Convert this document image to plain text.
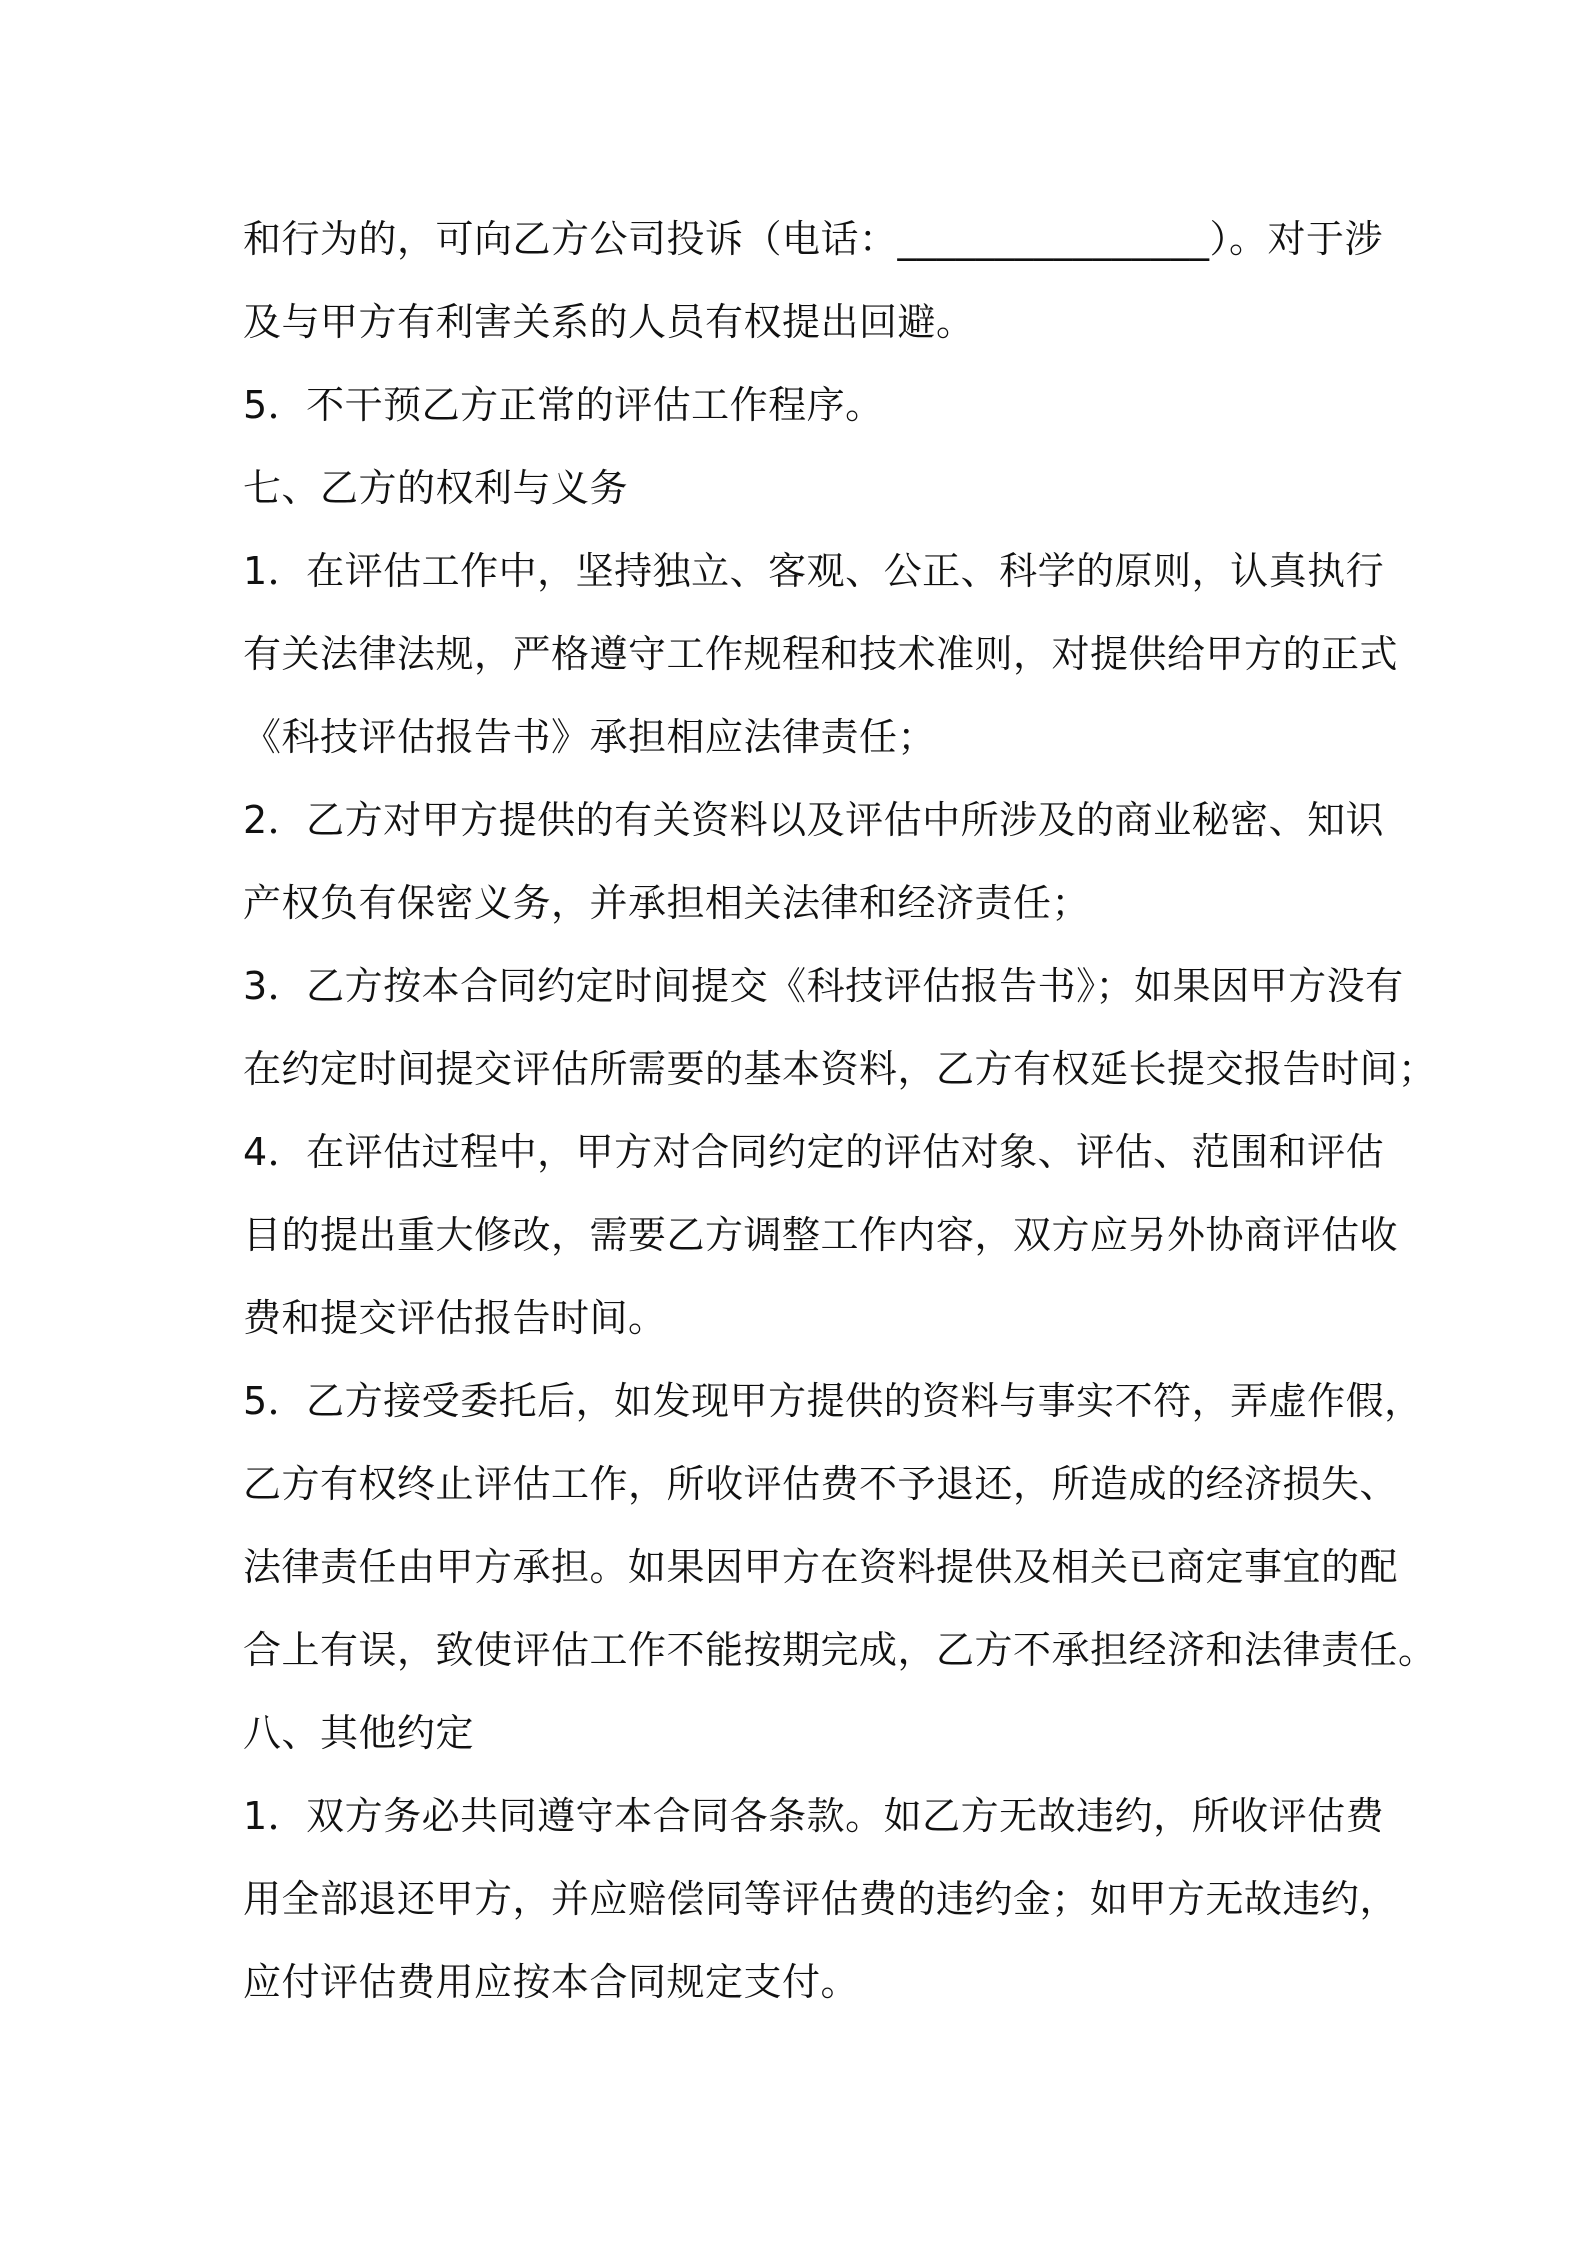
和行为的，可向乙方公司投诉（电话：________________）。对于涉
及与甲方有利害关系的人员有权提出回避。
5．不干预乙方正常的评估工作程序。
七、乙方的权利与义务
1．在评估工作中，坚持独立、客观、公正、科学的原则，认真执行
有关法律法规，严格遵守工作规程和技术准则，对提供给甲方的正式
《科技评估报告书》承担相应法律责任；
2．乙方对甲方提供的有关资料以及评估中所涉及的商业秘密、知识
产权负有保密义务，并承担相关法律和经济责任；
3．乙方按本合同约定时间提交《科技评估报告书》；如果因甲方没有
在约定时间提交评估所需要的基本资料，乙方有权延长提交报告时间；
4．在评估过程中，甲方对合同约定的评估对象、评估、范围和评估
目的提出重大修改，需要乙方调整工作内容，双方应另外协商评估收
费和提交评估报告时间。
5．乙方接受委托后，如发现甲方提供的资料与事实不符，弄虚作假，
乙方有权终止评估工作，所收评估费不予退还，所造成的经济损失、
法律责任由甲方承担。如果因甲方在资料提供及相关已商定事宜的配
合上有误，致使评估工作不能按期完成，乙方不承担经济和法律责任。
八、其他约定
1．双方务必共同遵守本合同各条款。如乙方无故违约，所收评估费
用全部退还甲方，并应赔偿同等评估费的违约金；如甲方无故违约，
应付评估费用应按本合同规定支付。
